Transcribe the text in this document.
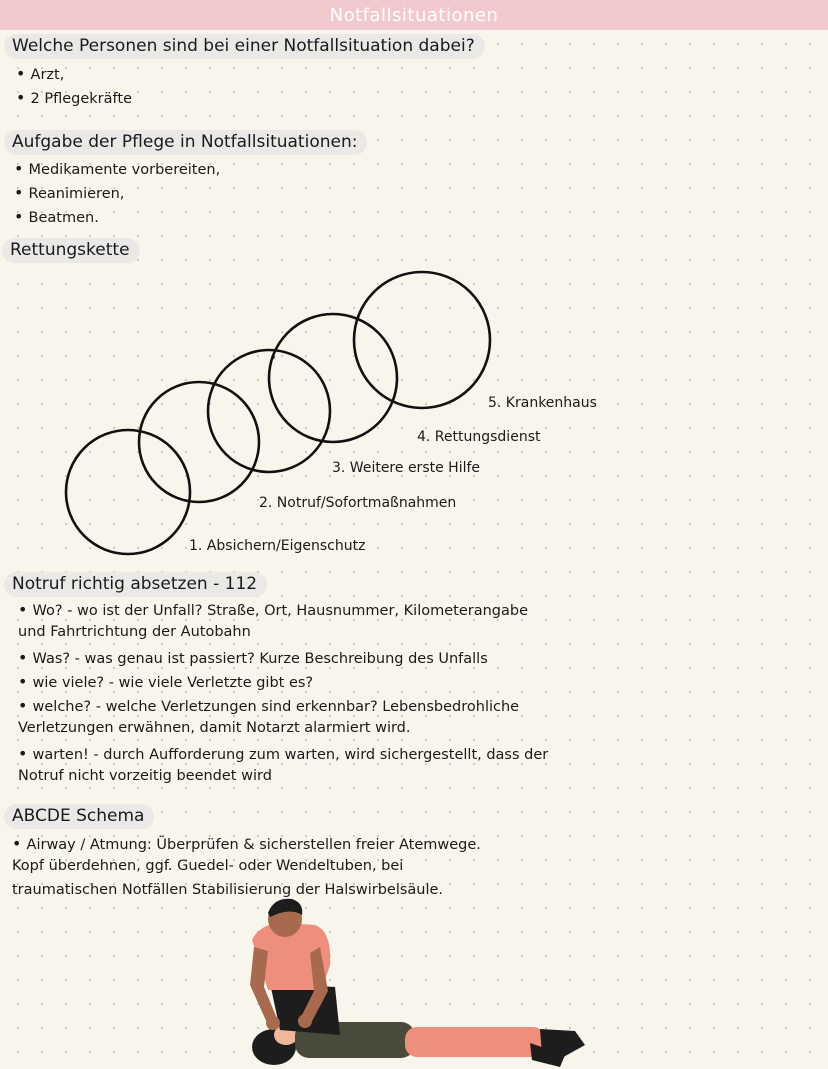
Notfallsituationen
Welche Personen sind bei einer Notfallsituation dabei?
• Arzt,
• 2 Pflegekräfte
Aufgabe der Pflege in Notfallsituationen:
• Medikamente vorbereiten,
• Reanimieren,
• Beatmen.
Rettungskette
1. Absichern/Eigenschutz
2. Notruf/Sofortmaßnahmen
3. Weitere erste Hilfe
4. Rettungsdienst
5. Krankenhaus
Notruf richtig absetzen - 112
• Wo? - wo ist der Unfall? Straße, Ort, Hausnummer, Kilometerangabe
und Fahrtrichtung der Autobahn
• Was? - was genau ist passiert? Kurze Beschreibung des Unfalls
• wie viele? - wie viele Verletzte gibt es?
• welche? - welche Verletzungen sind erkennbar? Lebensbedrohliche
Verletzungen erwähnen, damit Notarzt alarmiert wird.
• warten! - durch Aufforderung zum warten, wird sichergestellt, dass der
Notruf nicht vorzeitig beendet wird
ABCDE Schema
• Airway / Atmung: Überprüfen & sicherstellen freier Atemwege.
Kopf überdehnen, ggf. Guedel- oder Wendeltuben, bei
traumatischen Notfällen Stabilisierung der Halswirbelsäule.
